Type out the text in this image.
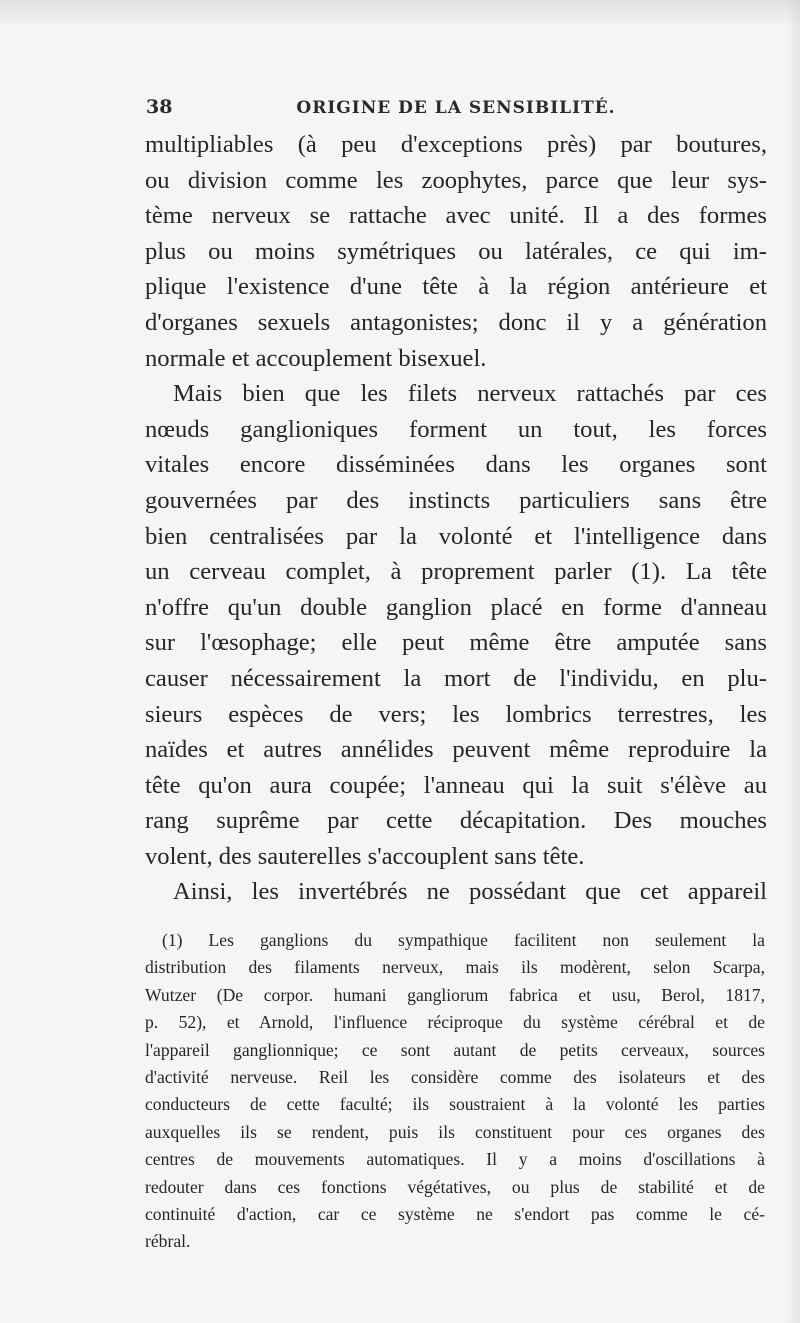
38	ORIGINE DE LA SENSIBILITÉ.
multipliables (à peu d'exceptions près) par boutures,
ou division comme les zoophytes, parce que leur sys-
tème nerveux se rattache avec unité. Il a des formes
plus ou moins symétriques ou latérales, ce qui im-
plique l'existence d'une tête à la région antérieure et
d'organes sexuels antagonistes; donc il y a génération
normale et accouplement bisexuel.
Mais bien que les filets nerveux rattachés par ces
nœuds ganglioniques forment un tout, les forces
vitales encore disséminées dans les organes sont
gouvernées par des instincts particuliers sans être
bien centralisées par la volonté et l'intelligence dans
un cerveau complet, à proprement parler (1). La tête
n'offre qu'un double ganglion placé en forme d'anneau
sur l'œsophage; elle peut même être amputée sans
causer nécessairement la mort de l'individu, en plu-
sieurs espèces de vers; les lombrics terrestres, les
naïdes et autres annélides peuvent même reproduire la
tête qu'on aura coupée; l'anneau qui la suit s'élève au
rang suprême par cette décapitation. Des mouches
volent, des sauterelles s'accouplent sans tête.
Ainsi, les invertébrés ne possédant que cet appareil
(1) Les ganglions du sympathique facilitent non seulement la
distribution des filaments nerveux, mais ils modèrent, selon Scarpa,
Wutzer (De corpor. humani gangliorum fabrica et usu, Berol, 1817,
p. 52), et Arnold, l'influence réciproque du système cérébral et de
l'appareil ganglionnique; ce sont autant de petits cerveaux, sources
d'activité nerveuse. Reil les considère comme des isolateurs et des
conducteurs de cette faculté; ils soustraient à la volonté les parties
auxquelles ils se rendent, puis ils constituent pour ces organes des
centres de mouvements automatiques. Il y a moins d'oscillations à
redouter dans ces fonctions végétatives, ou plus de stabilité et de
continuité d'action, car ce système ne s'endort pas comme le cé-
rébral.
